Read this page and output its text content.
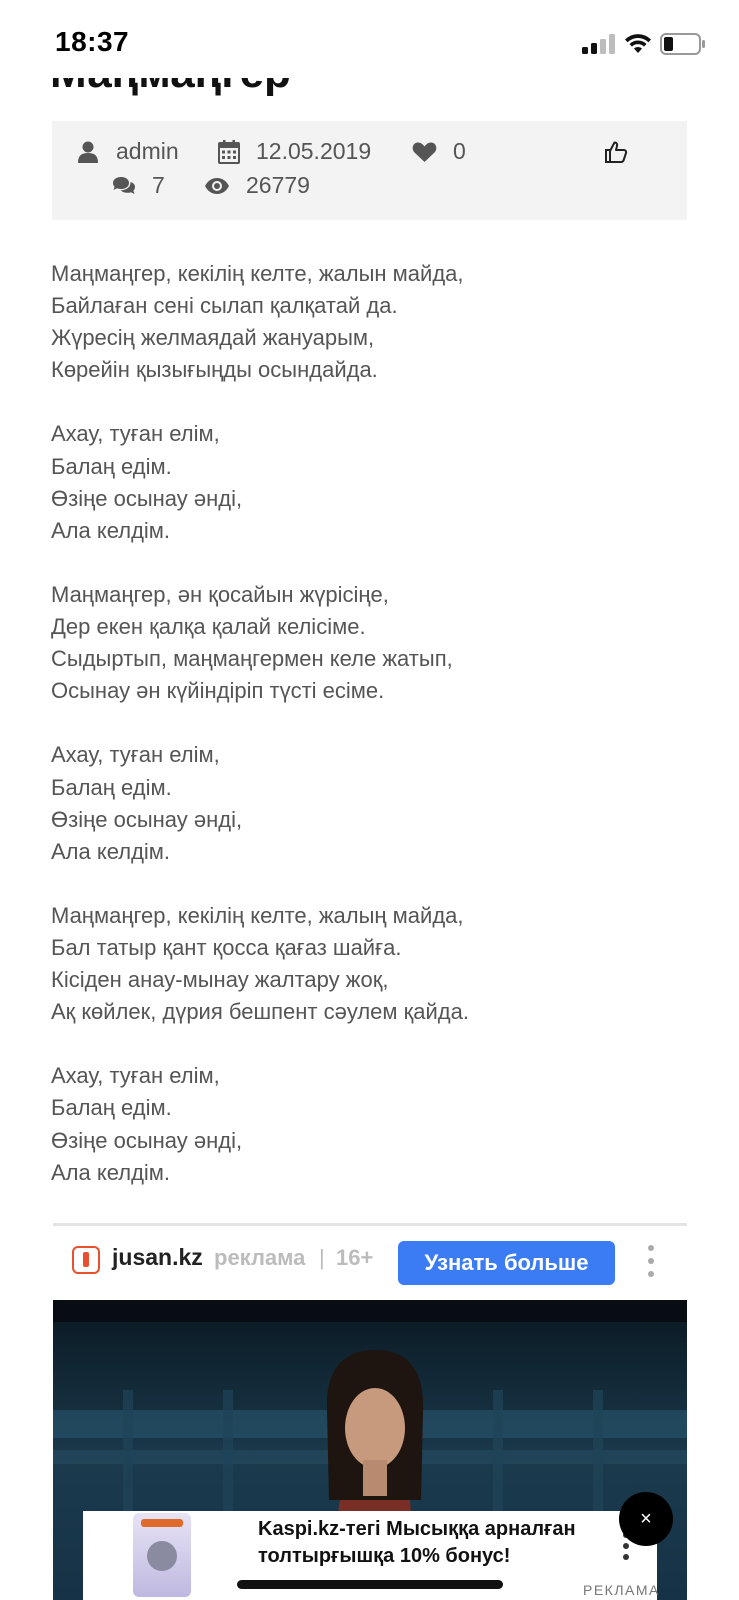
18:37
admin	12.05.2019	0
7	26779
Маңмаңгер, кекілің келте, жалын майда,
Байлаған сені сылап қалқатай да.
Жүресің желмаядай жануарым,
Көрейін қызығыңды осындайда.
Ахау, туған елім,
Балаң едім.
Өзіңе осынау әнді,
Ала келдім.
Маңмаңгер, ән қосайын жүрісіңе,
Дер екен қалқа қалай келісіме.
Сыдыртып, маңмаңгермен келе жатып,
Осынау ән күйіндіріп түсті есіме.
Ахау, туған елім,
Балаң едім.
Өзіңе осынау әнді,
Ала келдім.
Маңмаңгер, кекілің келте, жалың майда,
Бал татыр қант қосса қағаз шайға.
Кісіден анау-мынау жалтару жоқ,
Ақ көйлек, дүрия бешпент сәулем қайда.
Ахау, туған елім,
Балаң едім.
Өзіңе осынау әнді,
Ала келдім.
jusan.kz реклама | 16+	Узнать больше
Kaspi.kz-тегі Мысыққа арналған толтырғышқа 10% бонус!
РЕКЛАМА
×
